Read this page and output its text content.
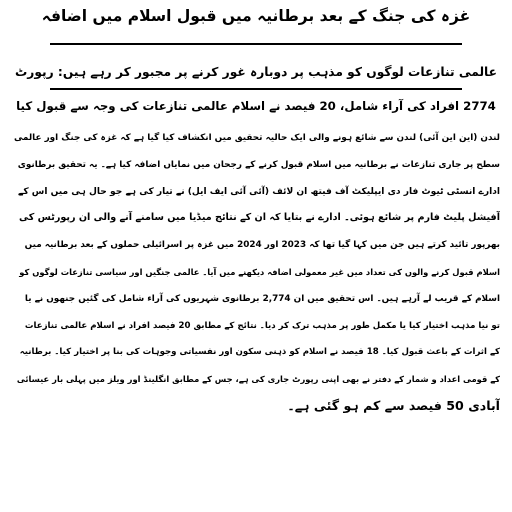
غزہ کی جنگ کے بعد برطانیہ میں قبول اسلام میں اضافہ
عالمی تنازعات لوگوں کو مذہب پر دوبارہ غور کرنے پر مجبور کر رہے ہیں: رپورٹ
2774 افراد کی آراء شامل، 20 فیصد نے اسلام عالمی تنازعات کی وجہ سے قبول کیا
لندن (این این آئی) لندن سے شائع ہونے والی ایک حالیہ تحقیق میں انکشاف کیا گیا ہے کہ غزہ کی جنگ اور عالمی
سطح پر جاری تنازعات نے برطانیہ میں اسلام قبول کرنے کے رجحان میں نمایاں اضافہ کیا ہے۔ یہ تحقیق برطانوی
ادارے انسٹی ٹیوٹ فار دی ایپلیکٹ آف فیتھ ان لائف (آئی آئی ایف ایل) نے تیار کی ہے جو حال ہی میں اس کے
آفیشل پلیٹ فارم پر شائع ہوئی۔ ادارے نے بتایا کہ ان کے نتائج میڈیا میں سامنے آنے والی ان رپورٹس کی
بھرپور تائید کرتے ہیں جن میں کہا گیا تھا کہ 2023 اور 2024 میں غزہ پر اسرائیلی حملوں کے بعد برطانیہ میں
اسلام قبول کرنے والوں کی تعداد میں غیر معمولی اضافہ دیکھنے میں آیا۔ عالمی جنگیں اور سیاسی تنازعات لوگوں کو
اسلام کے قریب لے آرہے ہیں۔ اس تحقیق میں ان 2,774 برطانوی شہریوں کی آراء شامل کی گئیں جنھوں نے یا
تو نیا مذہب اختیار کیا یا مکمل طور پر مذہب ترک کر دیا۔ نتائج کے مطابق 20 فیصد افراد نے اسلام عالمی تنازعات
کے اثرات کے باعث قبول کیا۔ 18 فیصد نے اسلام کو ذہنی سکون اور نفسیاتی وجوہات کی بنا پر اختیار کیا۔ برطانیہ
کے قومی اعداد و شمار کے دفتر نے بھی اپنی رپورٹ جاری کی ہے، جس کے مطابق انگلینڈ اور ویلز میں پہلی بار عیسائی
آبادی 50 فیصد سے کم ہو گئی ہے۔
